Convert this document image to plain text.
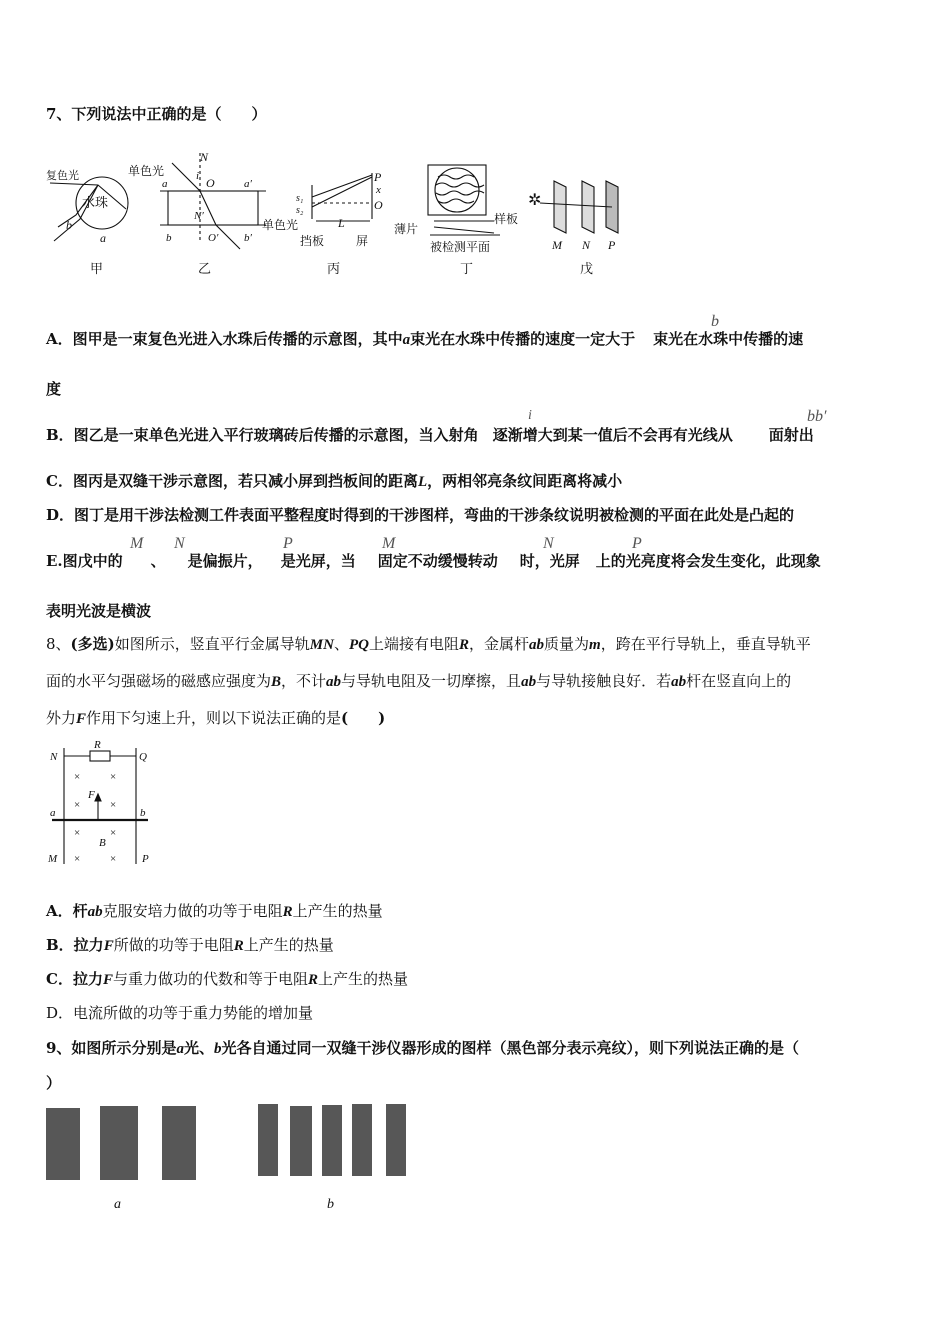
7、下列说法中正确的是（　　）
复色光
水珠
a
b
单色光
N
i O
a	a′
N′
b	O′ b′
P
x
O
s₁
s₂
单色光	L
挡板	屏
薄片
样板
被检测平面
✲
M N P
甲	乙	丙	丁	戊
A．图甲是一束复色光进入水珠后传播的示意图，其中a束光在水珠中传播的速度一定大于 束光在水珠中传播的速
b
度
B．图乙是一束单色光进入平行玻璃砖后传播的示意图，当入射角 逐渐增大到某一值后不会再有光线从 面射出
i	bb′
C．图丙是双缝干涉示意图，若只减小屏到挡板间的距离L，两相邻亮条纹间距离将减小
D．图丁是用干涉法检测工件表面平整程度时得到的干涉图样，弯曲的干涉条纹说明被检测的平面在此处是凸起的
E.图戊中的 、 是偏振片， 是光屏，当 固定不动缓慢转动 时，光屏 上的光亮度将会发生变化，此现象
M N	P	M	N	P
表明光波是横波
8、(多选)如图所示，竖直平行金属导轨MN、PQ上端接有电阻R，金属杆ab质量为m，跨在平行导轨上，垂直导轨平
面的水平匀强磁场的磁感应强度为B，不计ab与导轨电阻及一切摩擦，且ab与导轨接触良好．若ab杆在竖直向上的
外力F作用下匀速上升，则以下说法正确的是(　　)
N
R
Q
F
a	b
B
M	P
×	×
×	×
×	×
×	×
A．杆ab克服安培力做的功等于电阻R上产生的热量
B．拉力F所做的功等于电阻R上产生的热量
C．拉力F与重力做功的代数和等于电阻R上产生的热量
D．电流所做的功等于重力势能的增加量
9、如图所示分别是a光、b光各自通过同一双缝干涉仪器形成的图样（黑色部分表示亮纹），则下列说法正确的是（
）
a	b
